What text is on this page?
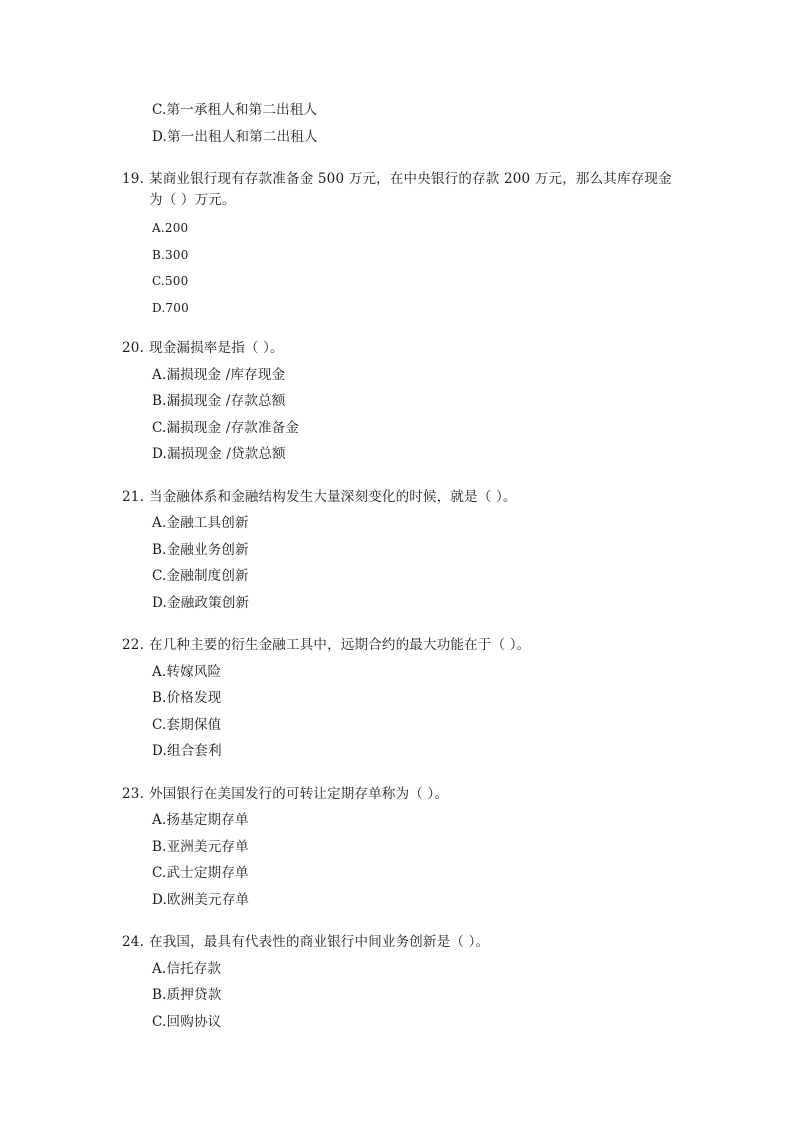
C.第一承租人和第二出租人
D.第一出租人和第二出租人
19. 某商业银行现有存款准备金 500 万元，在中央银行的存款 200 万元，那么其库存现金
为（ ）万元。
A.200
B.300
C.500
D.700
20. 现金漏损率是指（ ）。
A.漏损现金 /库存现金
B.漏损现金 /存款总额
C.漏损现金 /存款准备金
D.漏损现金 /贷款总额
21. 当金融体系和金融结构发生大量深刻变化的时候，就是（ ）。
A.金融工具创新
B.金融业务创新
C.金融制度创新
D.金融政策创新
22. 在几种主要的衍生金融工具中，远期合约的最大功能在于（ ）。
A.转嫁风险
B.价格发现
C.套期保值
D.组合套利
23. 外国银行在美国发行的可转让定期存单称为（ ）。
A.扬基定期存单
B.亚洲美元存单
C.武士定期存单
D.欧洲美元存单
24. 在我国，最具有代表性的商业银行中间业务创新是（ ）。
A.信托存款
B.质押贷款
C.回购协议
